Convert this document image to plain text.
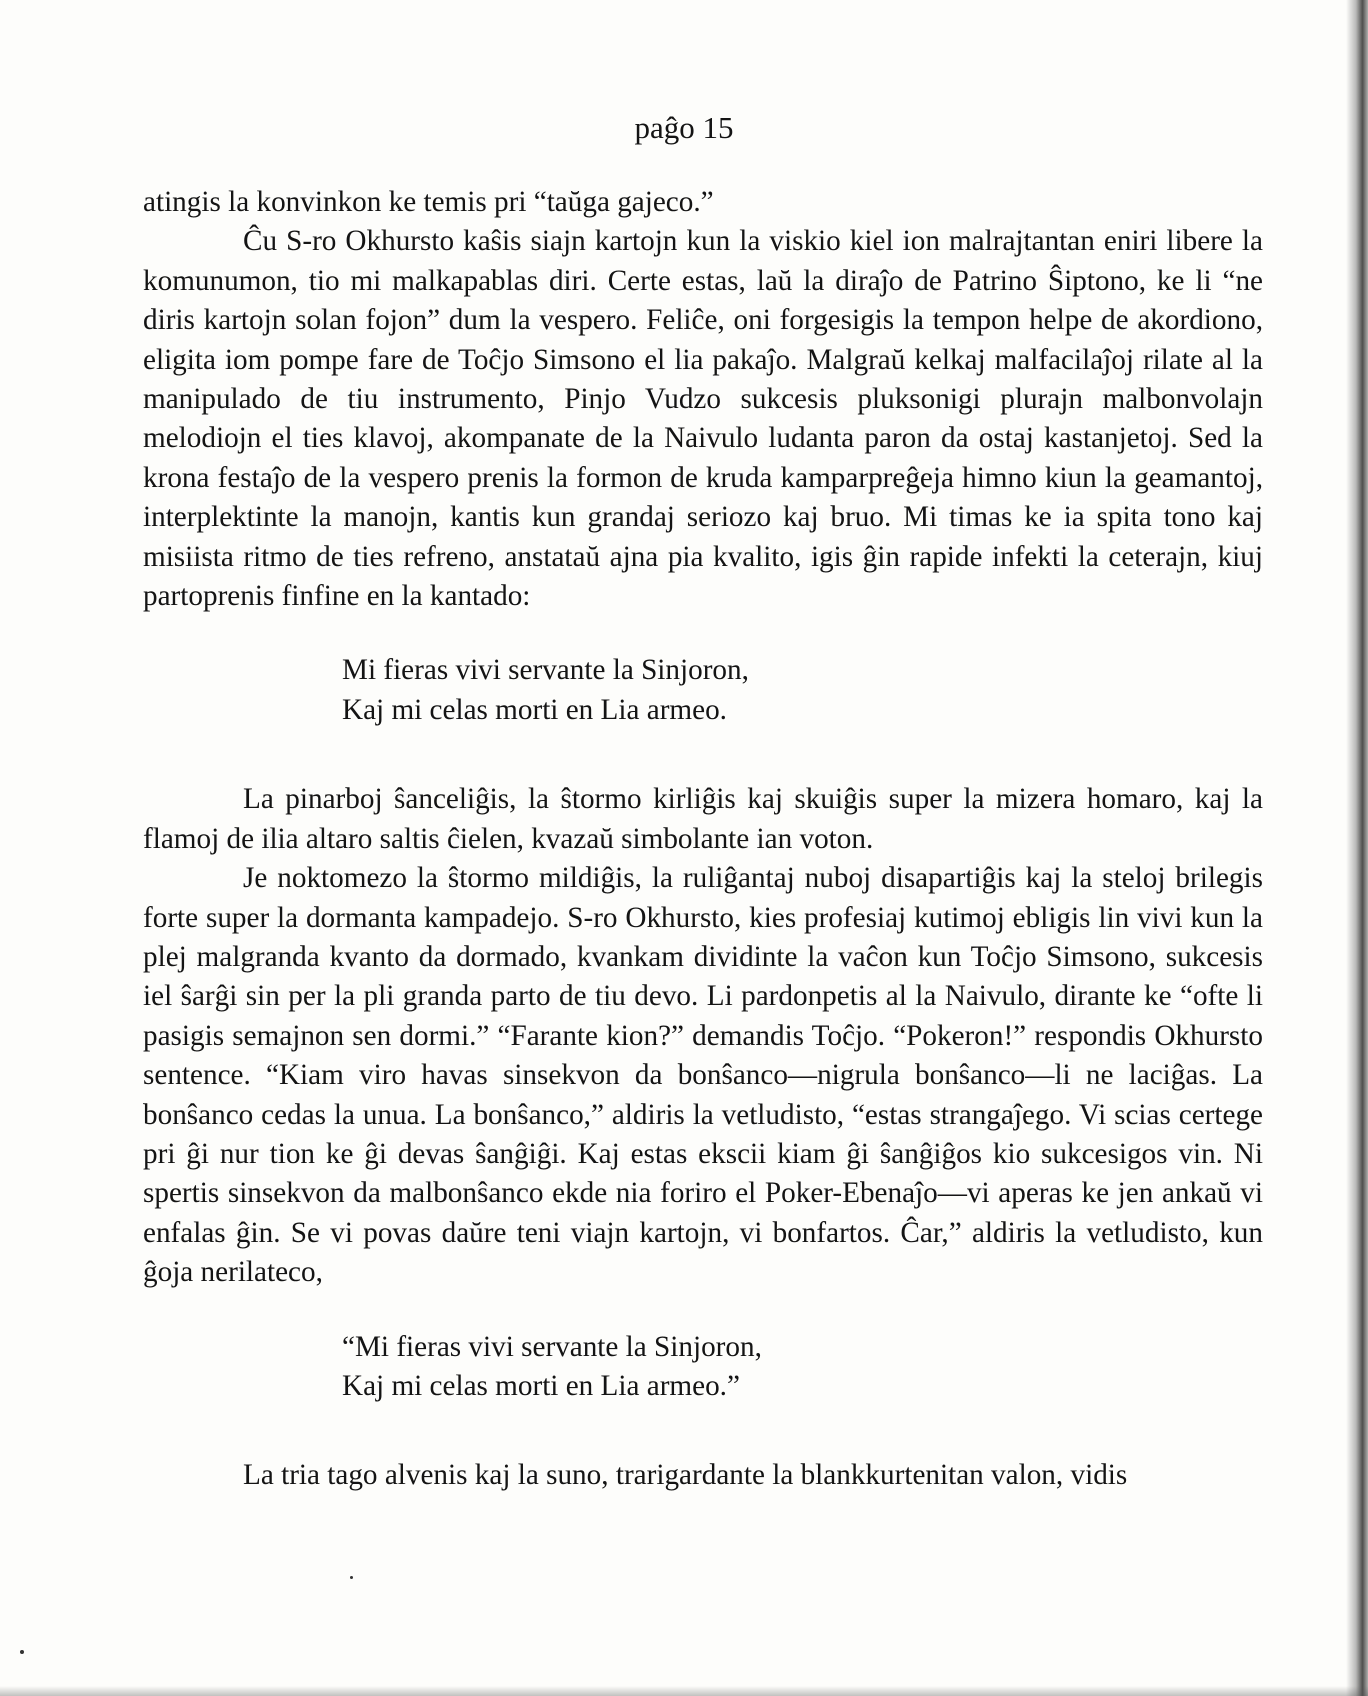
paĝo 15

atingis la konvinkon ke temis pri “taŭga gajeco.”

Ĉu S-ro Okhursto kaŝis siajn kartojn kun la viskio kiel ion malrajtantan eniri libere la komunumon, tio mi malkapablas diri. Certe estas, laŭ la diraĵo de Patrino Ŝiptono, ke li “ne diris kartojn solan fojon” dum la vespero. Feliĉe, oni forgesigis la tempon helpe de akordiono, eligita iom pompe fare de Toĉjo Simsono el lia pakaĵo. Malgraŭ kelkaj malfacilaĵoj rilate al la manipulado de tiu instrumento, Pinjo Vudzo sukcesis pluksonigi plurajn malbonvolajn melodiojn el ties klavoj, akompanate de la Naivulo ludanta paron da ostaj kastanjetoj. Sed la krona festaĵo de la vespero prenis la formon de kruda kamparpreĝeja himno kiun la geamantoj, interplektinte la manojn, kantis kun grandaj seriozo kaj bruo. Mi timas ke ia spita tono kaj misiista ritmo de ties refreno, anstataŭ ajna pia kvalito, igis ĝin rapide infekti la ceterajn, kiuj partoprenis finfine en la kantado:

Mi fieras vivi servante la Sinjoron,
Kaj mi celas morti en Lia armeo.

La pinarboj ŝanceliĝis, la ŝtormo kirliĝis kaj skuiĝis super la mizera homaro, kaj la flamoj de ilia altaro saltis ĉielen, kvazaŭ simbolante ian voton.

Je noktomezo la ŝtormo mildiĝis, la ruliĝantaj nuboj disapartiĝis kaj la steloj brilegis forte super la dormanta kampadejo. S-ro Okhursto, kies profesiaj kutimoj ebligis lin vivi kun la plej malgranda kvanto da dormado, kvankam dividinte la vaĉon kun Toĉjo Simsono, sukcesis iel ŝarĝi sin per la pli granda parto de tiu devo. Li pardonpetis al la Naivulo, dirante ke “ofte li pasigis semajnon sen dormi.” “Farante kion?” demandis Toĉjo. “Pokeron!” respondis Okhursto sentence. “Kiam viro havas sinsekvon da bonŝanco—nigrula bonŝanco—li ne laciĝas. La bonŝanco cedas la unua. La bonŝanco,” aldiris la vetludisto, “estas strangaĵego. Vi scias certege pri ĝi nur tion ke ĝi devas ŝanĝiĝi. Kaj estas ekscii kiam ĝi ŝanĝiĝos kio sukcesigos vin. Ni spertis sinsekvon da malbonŝanco ekde nia foriro el Poker-Ebenaĵo—vi aperas ke jen ankaŭ vi enfalas ĝin. Se vi povas daŭre teni viajn kartojn, vi bonfartos. Ĉar,” aldiris la vetludisto, kun ĝoja nerilateco,

“Mi fieras vivi servante la Sinjoron,
Kaj mi celas morti en Lia armeo.”

La tria tago alvenis kaj la suno, trarigardante la blankkurtenitan valon, vidis
